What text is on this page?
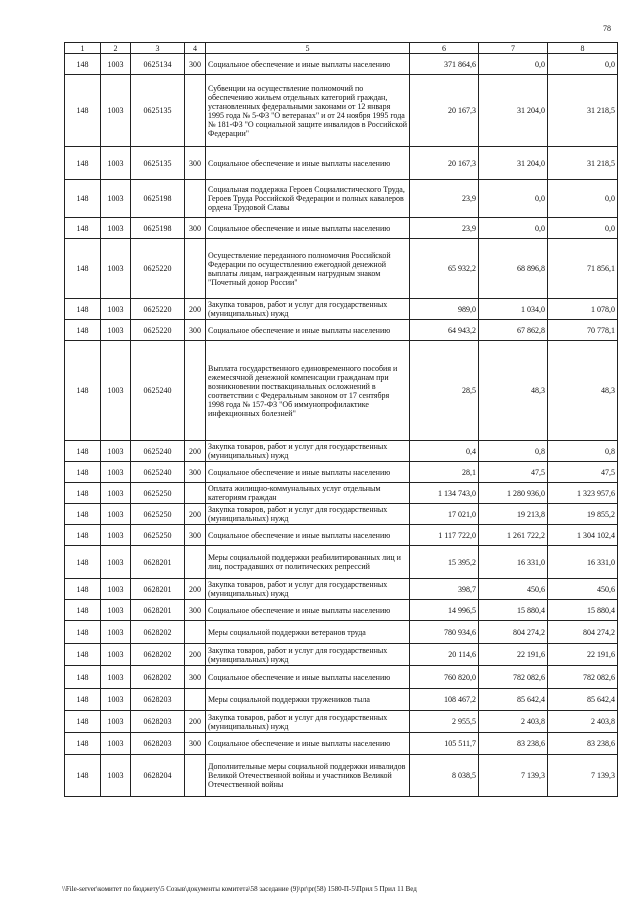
78
1	2	3	4	5	6	7	8
148	1003	0625134	300	Социальное обеспечение и иные выплаты населению	371 864,6	0,0	0,0
148	1003	0625135		Субвенции на осуществление полномочий по обеспечению жильем отдельных категорий граждан, установленных федеральными законами от 12 января 1995 года № 5-ФЗ "О ветеранах" и от 24 ноября 1995 года № 181-ФЗ "О социальной защите инвалидов в Российской Федерации"	20 167,3	31 204,0	31 218,5
148	1003	0625135	300	Социальное обеспечение и иные выплаты населению	20 167,3	31 204,0	31 218,5
148	1003	0625198		Социальная поддержка Героев Социалистического Труда, Героев Труда Российской Федерации и полных кавалеров ордена Трудовой Славы	23,9	0,0	0,0
148	1003	0625198	300	Социальное обеспечение и иные выплаты населению	23,9	0,0	0,0
148	1003	0625220		Осуществление переданного полномочия Российской Федерации по осуществлению ежегодной денежной выплаты лицам, награжденным нагрудным знаком "Почетный донор России"	65 932,2	68 896,8	71 856,1
148	1003	0625220	200	Закупка товаров, работ и услуг для государственных (муниципальных) нужд	989,0	1 034,0	1 078,0
148	1003	0625220	300	Социальное обеспечение и иные выплаты населению	64 943,2	67 862,8	70 778,1
148	1003	0625240		Выплата государственного единовременного пособия и ежемесячной денежной компенсации гражданам при возникновении поствакцинальных осложнений в соответствии с Федеральным законом от 17 сентября 1998 года № 157-ФЗ "Об иммунопрофилактике инфекционных болезней"	28,5	48,3	48,3
148	1003	0625240	200	Закупка товаров, работ и услуг для государственных (муниципальных) нужд	0,4	0,8	0,8
148	1003	0625240	300	Социальное обеспечение и иные выплаты населению	28,1	47,5	47,5
148	1003	0625250		Оплата жилищно-коммунальных услуг отдельным категориям граждан	1 134 743,0	1 280 936,0	1 323 957,6
148	1003	0625250	200	Закупка товаров, работ и услуг для государственных (муниципальных) нужд	17 021,0	19 213,8	19 855,2
148	1003	0625250	300	Социальное обеспечение и иные выплаты населению	1 117 722,0	1 261 722,2	1 304 102,4
148	1003	0628201		Меры социальной поддержки реабилитированных лиц и лиц, пострадавших от политических репрессий	15 395,2	16 331,0	16 331,0
148	1003	0628201	200	Закупка товаров, работ и услуг для государственных (муниципальных) нужд	398,7	450,6	450,6
148	1003	0628201	300	Социальное обеспечение и иные выплаты населению	14 996,5	15 880,4	15 880,4
148	1003	0628202		Меры социальной поддержки ветеранов труда	780 934,6	804 274,2	804 274,2
148	1003	0628202	200	Закупка товаров, работ и услуг для государственных (муниципальных) нужд	20 114,6	22 191,6	22 191,6
148	1003	0628202	300	Социальное обеспечение и иные выплаты населению	760 820,0	782 082,6	782 082,6
148	1003	0628203		Меры социальной поддержки тружеников тыла	108 467,2	85 642,4	85 642,4
148	1003	0628203	200	Закупка товаров, работ и услуг для государственных (муниципальных) нужд	2 955,5	2 403,8	2 403,8
148	1003	0628203	300	Социальное обеспечение и иные выплаты населению	105 511,7	83 238,6	83 238,6
148	1003	0628204		Дополнительные меры социальной поддержки инвалидов Великой Отечественной войны и участников Великой Отечественной войны	8 038,5	7 139,3	7 139,3
\\File-server\комитет по бюджету\5 Созыв\документы комитета\58 заседание (9)\pr\pr(58) 1580-П-5\Прил 5 Прил 11 Вед
